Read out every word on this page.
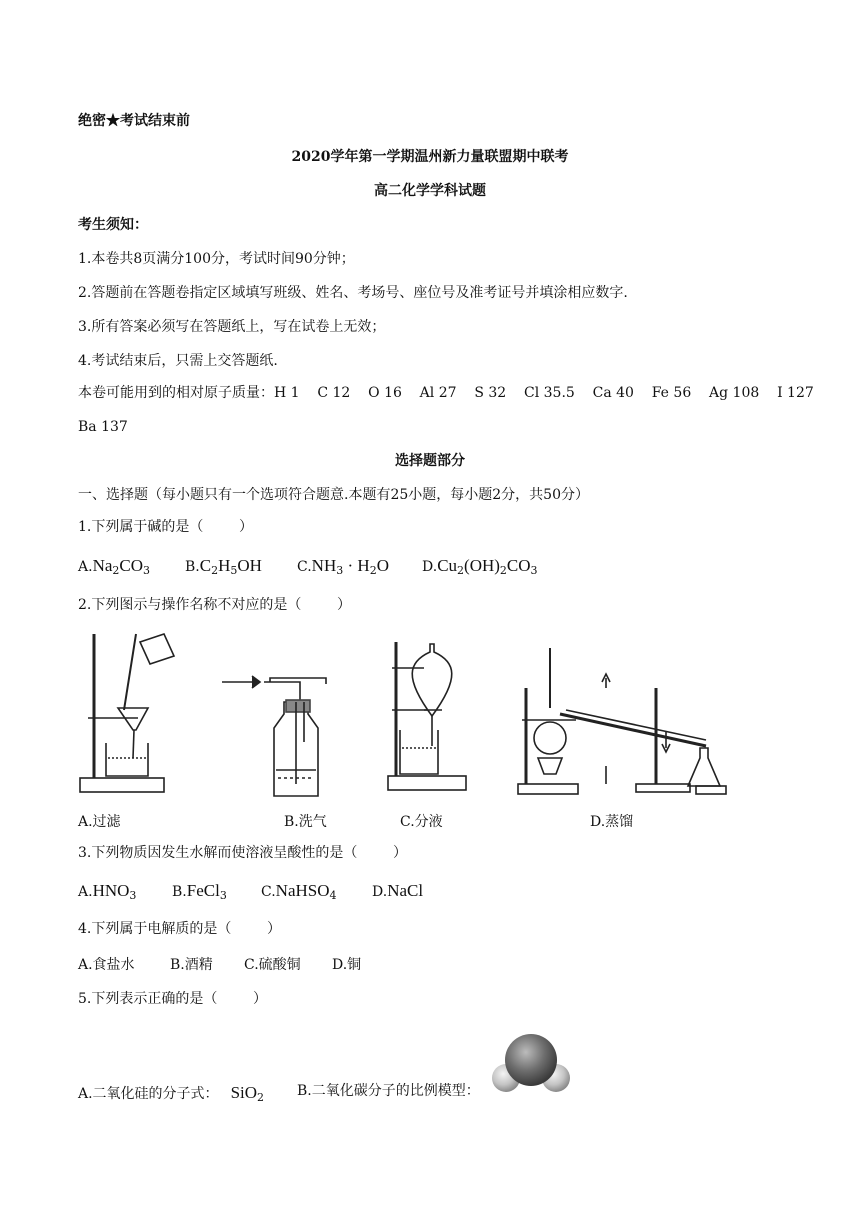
绝密★考试结束前
2020学年第一学期温州新力量联盟期中联考
高二化学学科试题
考生须知：
1.本卷共8页满分100分，考试时间90分钟；
2.答题前在答题卷指定区域填写班级、姓名、考场号、座位号及准考证号并填涂相应数字.
3.所有答案必须写在答题纸上，写在试卷上无效；
4.考试结束后，只需上交答题纸.
本卷可能用到的相对原子质量：H 1    C 12    O 16    Al 27    S 32    Cl 35.5    Ca 40    Fe 56    Ag 108    I 127
Ba 137
选择题部分
一、选择题（每小题只有一个选项符合题意.本题有25小题，每小题2分，共50分）
1.下列属于碱的是（        ）
$A.Na_2CO_3$ $B.C_2H_5OH$	$C.NH_3 \cdot H_2O$ $D.Cu_2(OH)_2CO_3$
2.下列图示与操作名称不对应的是（        ）
A.过滤	B.洗气	C.分液	D.蒸馏
3.下列物质因发生水解而使溶液呈酸性的是（        ）
$A.HNO_3$	B.FeCl$_3$ C.NaHSO$_4$	D.NaCl
4.下列属于电解质的是（        ）
A.食盐水	B.酒精 C.硫酸铜 D.铜
5.下列表示正确的是（        ）
A.二氧化硅的分子式： SiO$_2$ B.二氧化碳分子的比例模型：
